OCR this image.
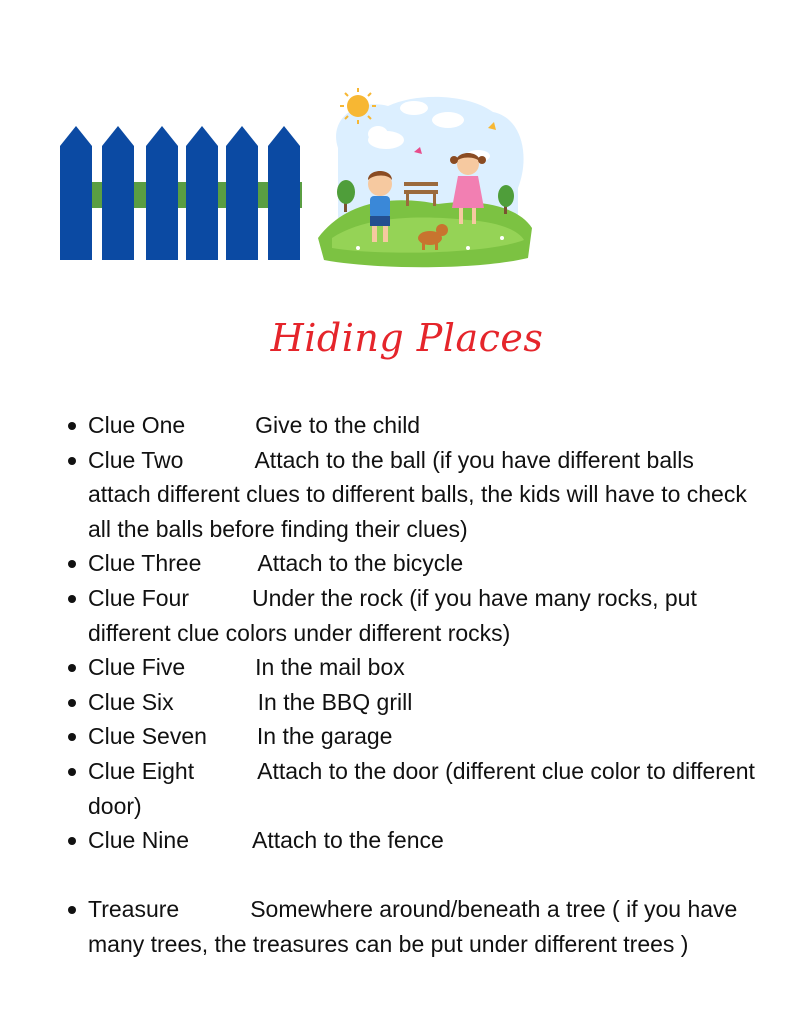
Hiding Places
Clue One	Give to the child
Clue Two	Attach to the ball (if you have different balls attach different clues to different balls, the kids will have to check all the balls before finding their clues)
Clue Three Attach to the bicycle
Clue Four	Under the rock (if you have many rocks, put different clue colors under different rocks)
Clue Five	In the mail box
Clue Six	In the BBQ grill
Clue Seven In the garage
Clue Eight	Attach to the door (different clue color to different door)
Clue Nine	Attach to the fence
Treasure	Somewhere around/beneath a tree ( if you have many trees, the treasures can be put under different trees )
